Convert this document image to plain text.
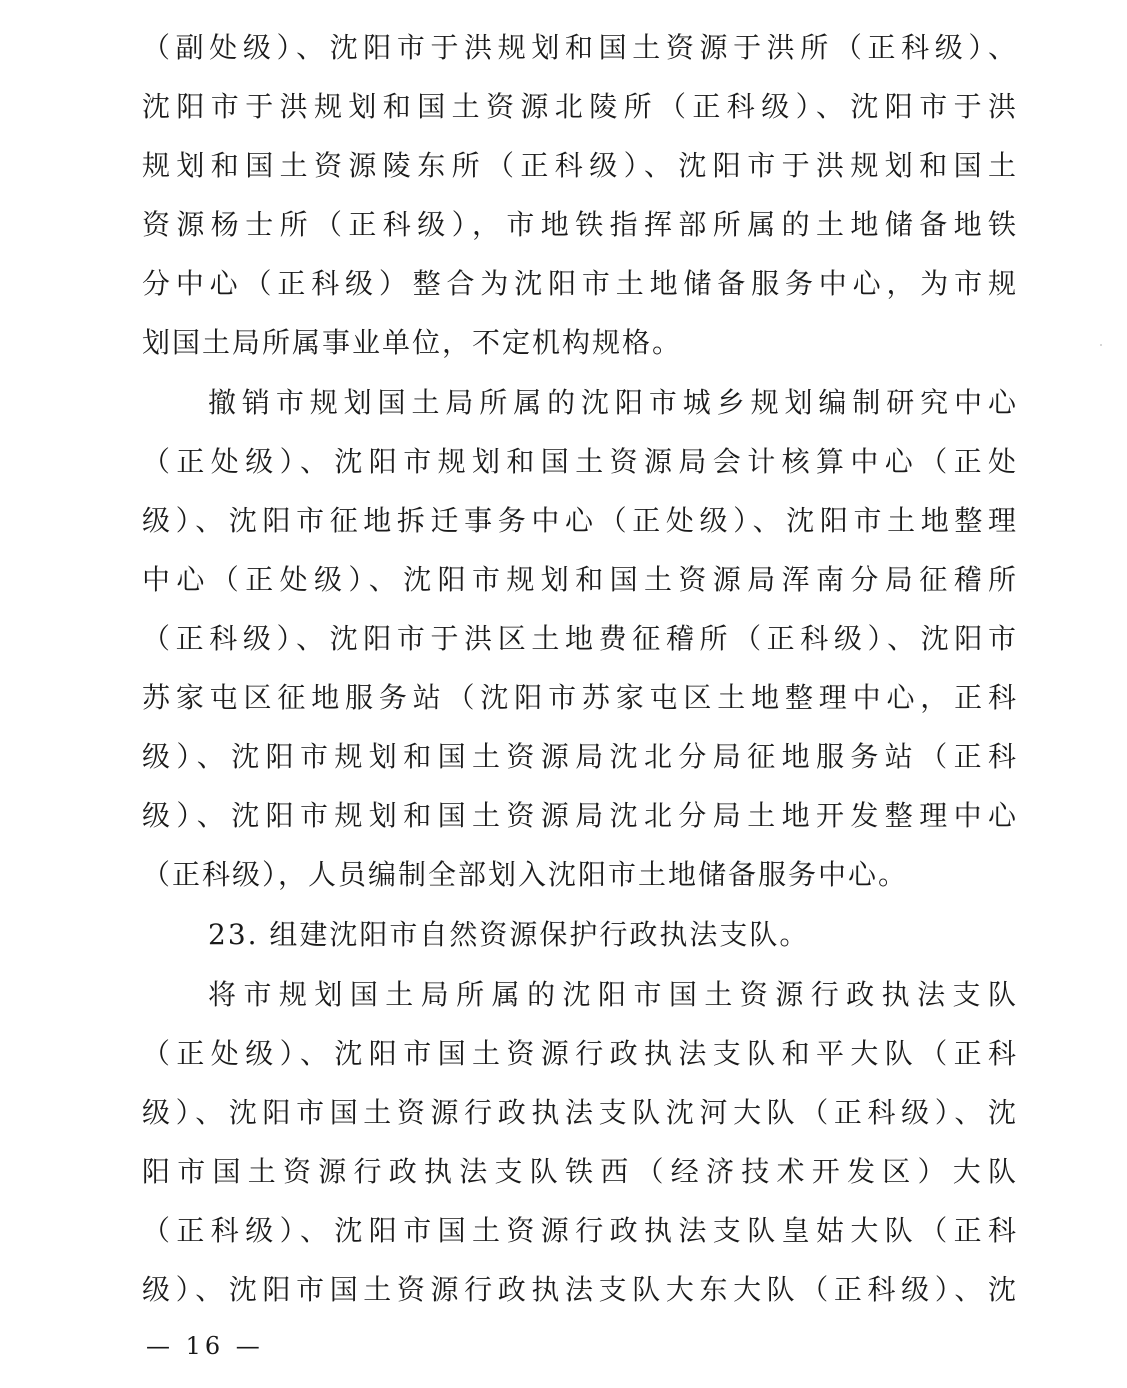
（副处级）、沈阳市于洪规划和国土资源于洪所（正科级）、
沈阳市于洪规划和国土资源北陵所（正科级）、沈阳市于洪
规划和国土资源陵东所（正科级）、沈阳市于洪规划和国土
资源杨士所（正科级），市地铁指挥部所属的土地储备地铁
分中心（正科级）整合为沈阳市土地储备服务中心，为市规
划国土局所属事业单位，不定机构规格。
撤销市规划国土局所属的沈阳市城乡规划编制研究中心
（正处级）、沈阳市规划和国土资源局会计核算中心（正处
级）、沈阳市征地拆迁事务中心（正处级）、沈阳市土地整理
中心（正处级）、沈阳市规划和国土资源局浑南分局征稽所
（正科级）、沈阳市于洪区土地费征稽所（正科级）、沈阳市
苏家屯区征地服务站（沈阳市苏家屯区土地整理中心，正科
级）、沈阳市规划和国土资源局沈北分局征地服务站（正科
级）、沈阳市规划和国土资源局沈北分局土地开发整理中心
（正科级），人员编制全部划入沈阳市土地储备服务中心。
23. 组建沈阳市自然资源保护行政执法支队。
将市规划国土局所属的沈阳市国土资源行政执法支队
（正处级）、沈阳市国土资源行政执法支队和平大队（正科
级）、沈阳市国土资源行政执法支队沈河大队（正科级）、沈
阳市国土资源行政执法支队铁西（经济技术开发区）大队
（正科级）、沈阳市国土资源行政执法支队皇姑大队（正科
级）、沈阳市国土资源行政执法支队大东大队（正科级）、沈
— 16 —
